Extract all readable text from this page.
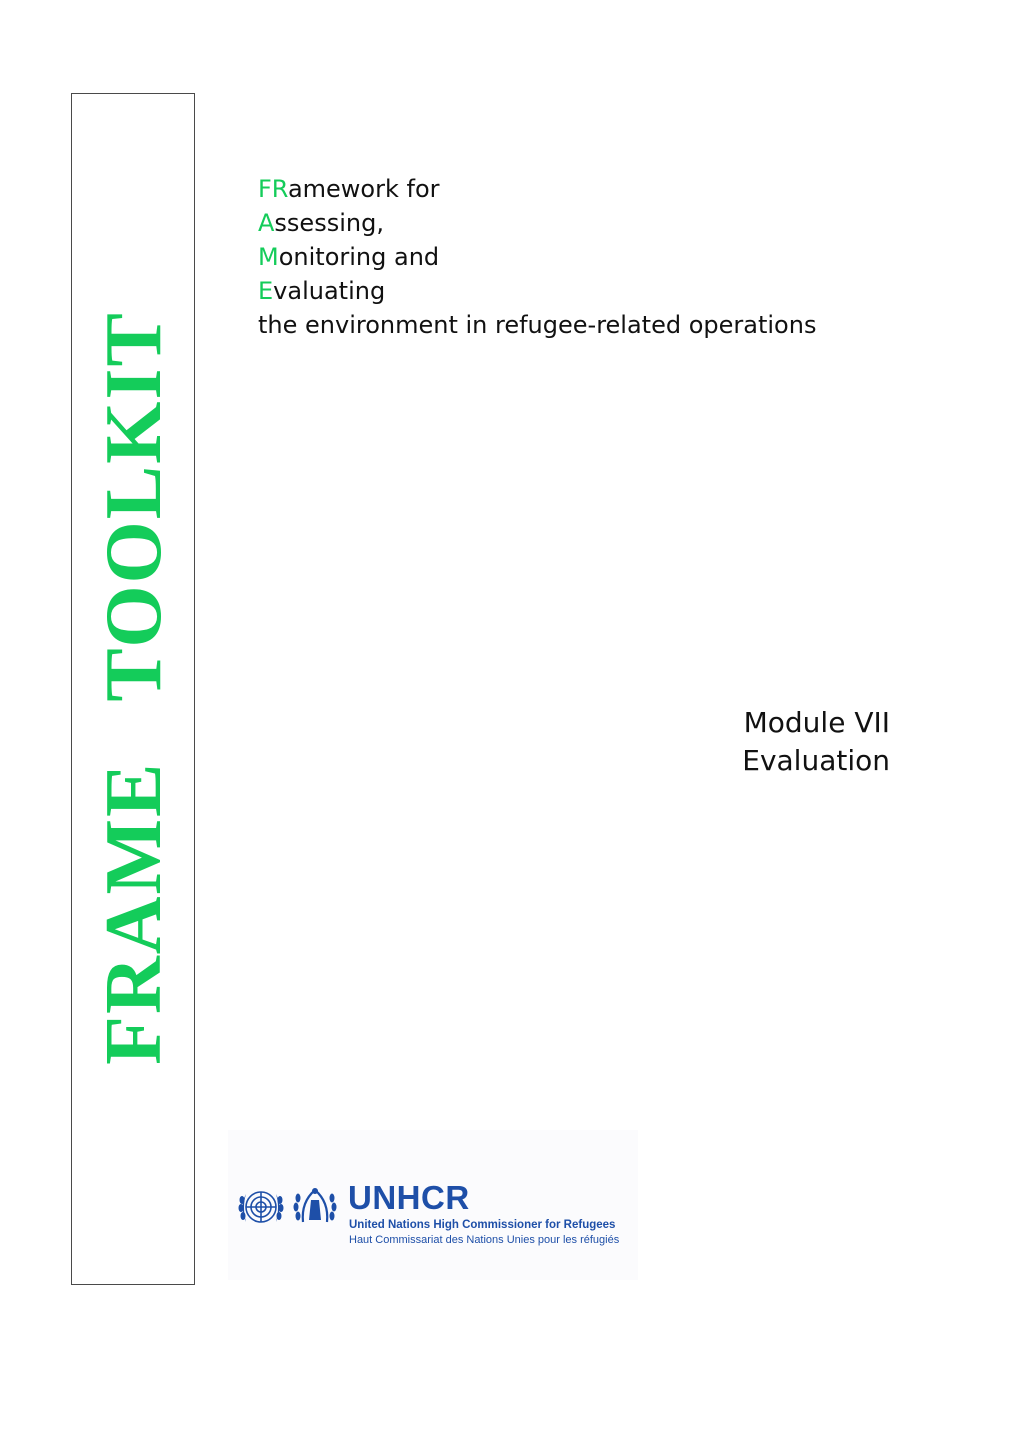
FRAMETOOLKIT
FRamework for
Assessing,
Monitoring and
Evaluating
the environment in refugee-related operations
Module VII
Evaluation
UNHCR
United Nations High Commissioner for Refugees
Haut Commissariat des Nations Unies pour les réfugiés
